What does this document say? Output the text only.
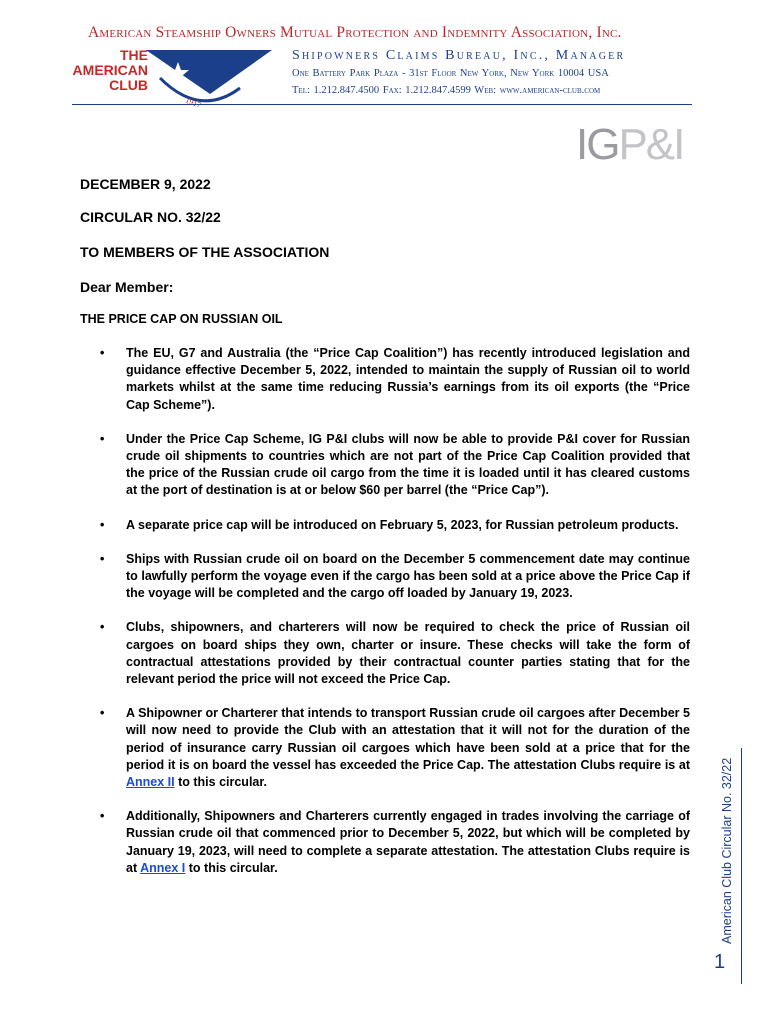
American Steamship Owners Mutual Protection and Indemnity Association, Inc.
THE
AMERICAN
CLUB
1917
Shipowners Claims Bureau, Inc., Manager
One Battery Park Plaza - 31st Floor New York, New York 10004 USA
Tel: 1.212.847.4500 Fax: 1.212.847.4599 Web: www.american-club.com
IGP&I
DECEMBER 9, 2022
CIRCULAR NO. 32/22
TO MEMBERS OF THE ASSOCIATION
Dear Member:
THE PRICE CAP ON RUSSIAN OIL
• The EU, G7 and Australia (the “Price Cap Coalition”) has recently introduced legislation and guidance effective December 5, 2022, intended to maintain the supply of Russian oil to world markets whilst at the same time reducing Russia’s earnings from its oil exports (the “Price Cap Scheme”).
• Under the Price Cap Scheme, IG P&I clubs will now be able to provide P&I cover for Russian crude oil shipments to countries which are not part of the Price Cap Coalition provided that the price of the Russian crude oil cargo from the time it is loaded until it has cleared customs at the port of destination is at or below $60 per barrel (the “Price Cap”).
• A separate price cap will be introduced on February 5, 2023, for Russian petroleum products.
• Ships with Russian crude oil on board on the December 5 commencement date may continue to lawfully perform the voyage even if the cargo has been sold at a price above the Price Cap if the voyage will be completed and the cargo off loaded by January 19, 2023.
• Clubs, shipowners, and charterers will now be required to check the price of Russian oil cargoes on board ships they own, charter or insure. These checks will take the form of contractual attestations provided by their contractual counter parties stating that for the relevant period the price will not exceed the Price Cap.
• A Shipowner or Charterer that intends to transport Russian crude oil cargoes after December 5 will now need to provide the Club with an attestation that it will not for the duration of the period of insurance carry Russian oil cargoes which have been sold at a price that for the period it is on board the vessel has exceeded the Price Cap. The attestation Clubs require is at Annex II to this circular.
• Additionally, Shipowners and Charterers currently engaged in trades involving the carriage of Russian crude oil that commenced prior to December 5, 2022, but which will be completed by January 19, 2023, will need to complete a separate attestation. The attestation Clubs require is at Annex I to this circular.	American Club Circular No. 32/22
1
